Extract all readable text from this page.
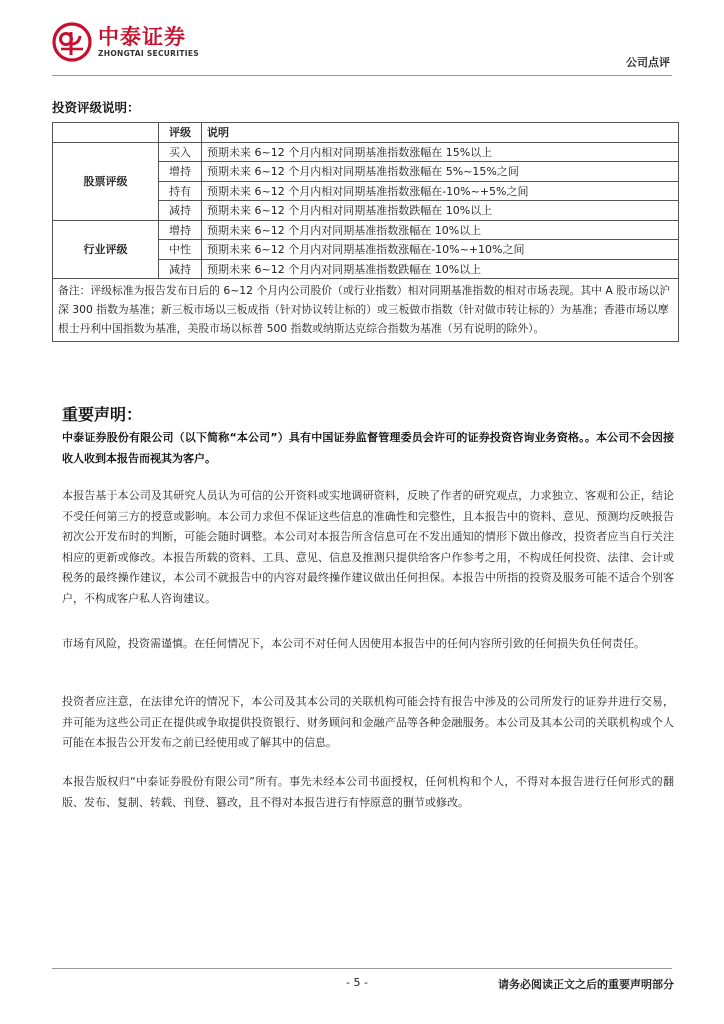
中泰证券
ZHONGTAI SECURITIES
公司点评
投资评级说明：
	评级	说明
股票评级	买入	预期未来 6~12 个月内相对同期基准指数涨幅在 15%以上
	增持	预期未来 6~12 个月内相对同期基准指数涨幅在 5%~15%之间
	持有	预期未来 6~12 个月内相对同期基准指数涨幅在-10%~+5%之间
	减持	预期未来 6~12 个月内相对同期基准指数跌幅在 10%以上
行业评级	增持	预期未来 6~12 个月内对同期基准指数涨幅在 10%以上
	中性	预期未来 6~12 个月内对同期基准指数涨幅在-10%~+10%之间
	减持	预期未来 6~12 个月内对同期基准指数跌幅在 10%以上
备注：评级标准为报告发布日后的 6~12 个月内公司股价（或行业指数）相对同期基准指数的相对市场表现。其中 A 股市场以沪深 300 指数为基准；新三板市场以三板成指（针对协议转让标的）或三板做市指数（针对做市转让标的）为基准；香港市场以摩根士丹利中国指数为基准，美股市场以标普 500 指数或纳斯达克综合指数为基准（另有说明的除外）。		
重要声明：
中泰证券股份有限公司（以下简称“本公司”）具有中国证券监督管理委员会许可的证券投资咨询业务资格。。本公司不会因接收人收到本报告而视其为客户。
本报告基于本公司及其研究人员认为可信的公开资料或实地调研资料，反映了作者的研究观点，力求独立、客观和公正，结论不受任何第三方的授意或影响。本公司力求但不保证这些信息的准确性和完整性，且本报告中的资料、意见、预测均反映报告初次公开发布时的判断，可能会随时调整。本公司对本报告所含信息可在不发出通知的情形下做出修改，投资者应当自行关注相应的更新或修改。本报告所载的资料、工具、意见、信息及推测只提供给客户作参考之用，不构成任何投资、法律、会计或税务的最终操作建议，本公司不就报告中的内容对最终操作建议做出任何担保。本报告中所指的投资及服务可能不适合个别客户，不构成客户私人咨询建议。
市场有风险，投资需谨慎。在任何情况下，本公司不对任何人因使用本报告中的任何内容所引致的任何损失负任何责任。
投资者应注意，在法律允许的情况下，本公司及其本公司的关联机构可能会持有报告中涉及的公司所发行的证券并进行交易，并可能为这些公司正在提供或争取提供投资银行、财务顾问和金融产品等各种金融服务。本公司及其本公司的关联机构或个人可能在本报告公开发布之前已经使用或了解其中的信息。
本报告版权归“中泰证券股份有限公司”所有。事先未经本公司书面授权，任何机构和个人，不得对本报告进行任何形式的翻版、发布、复制、转载、刊登、篡改，且不得对本报告进行有悖原意的删节或修改。
- 5 -	请务必阅读正文之后的重要声明部分
